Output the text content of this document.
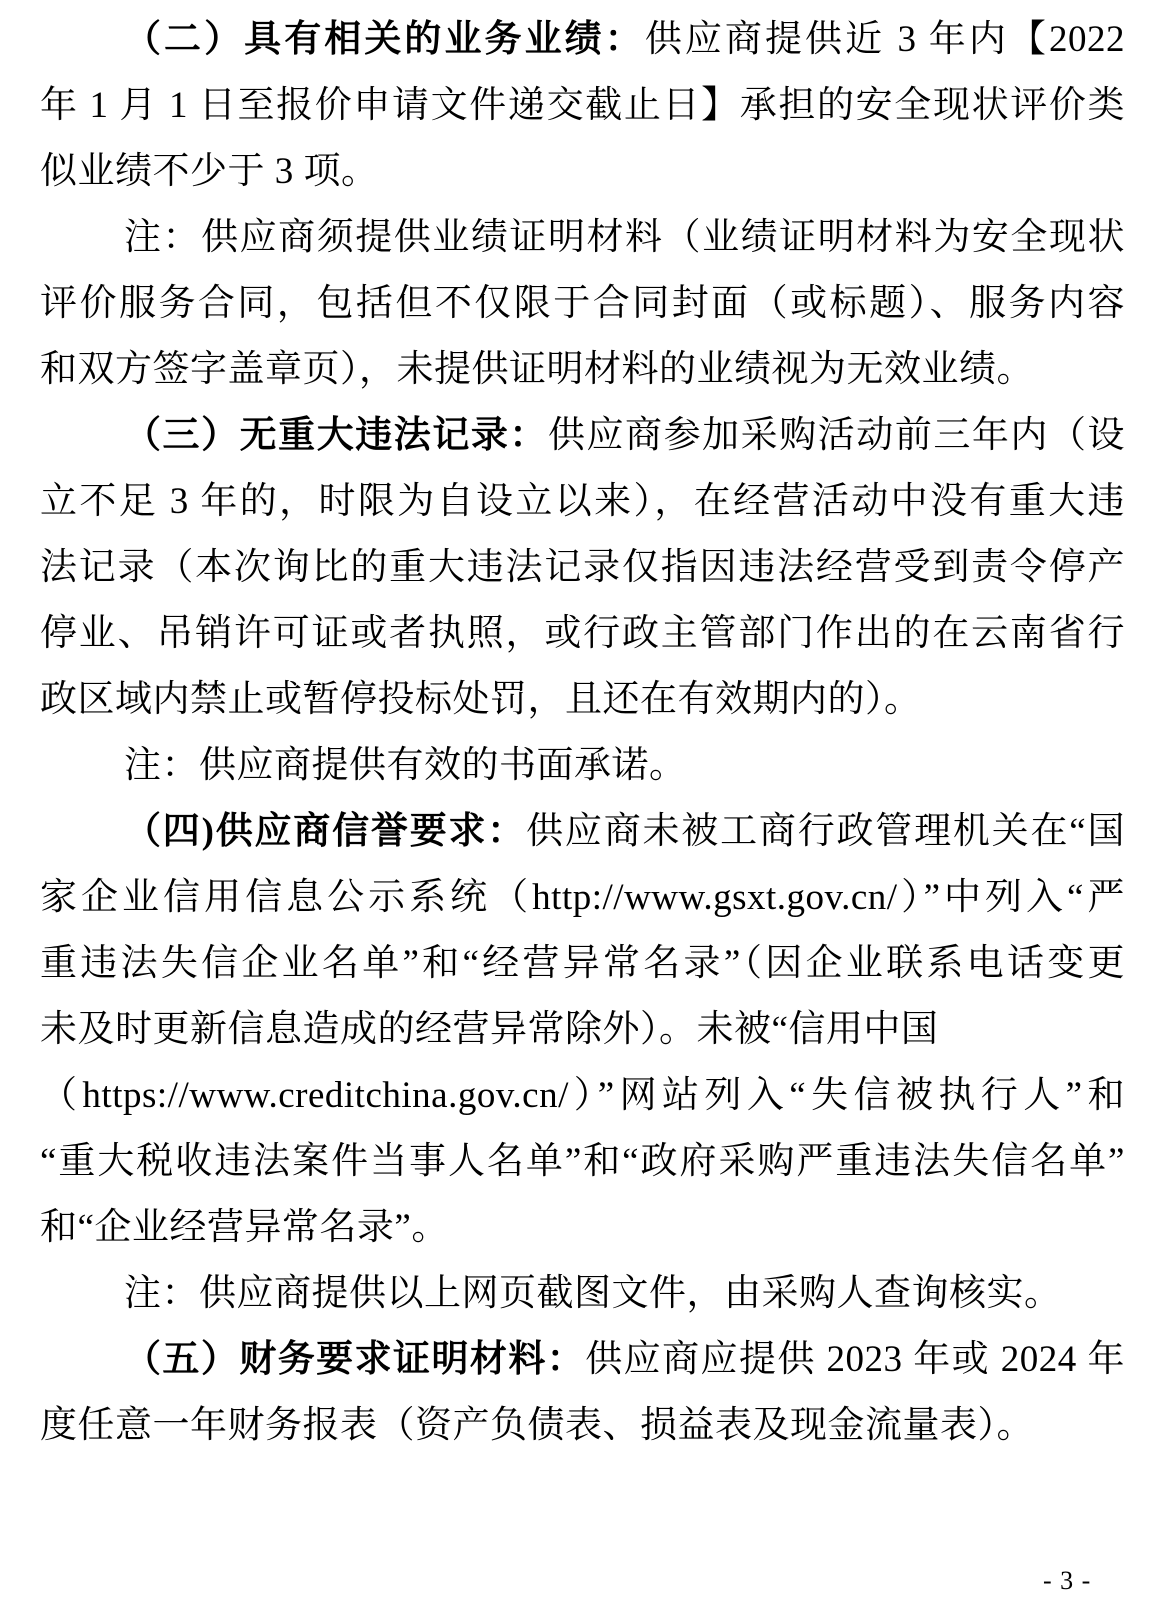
（二）具有相关的业务业绩：供应商提供近 3 年内【2022
年 1 月 1 日至报价申请文件递交截止日】承担的安全现状评价类
似业绩不少于 3 项。
注：供应商须提供业绩证明材料（业绩证明材料为安全现状
评价服务合同，包括但不仅限于合同封面（或标题）、服务内容
和双方签字盖章页），未提供证明材料的业绩视为无效业绩。
（三）无重大违法记录：供应商参加采购活动前三年内（设
立不足 3 年的，时限为自设立以来），在经营活动中没有重大违
法记录（本次询比的重大违法记录仅指因违法经营受到责令停产
停业、吊销许可证或者执照，或行政主管部门作出的在云南省行
政区域内禁止或暂停投标处罚，且还在有效期内的）。
注：供应商提供有效的书面承诺。
（四)供应商信誉要求：供应商未被工商行政管理机关在“国
家企业信用信息公示系统（http://www.gsxt.gov.cn/）”中列入“严
重违法失信企业名单”和“经营异常名录”（因企业联系电话变更
未及时更新信息造成的经营异常除外）。未被“信用中国
（https://www.creditchina.gov.cn/）”网站列入“失信被执行人”和
“重大税收违法案件当事人名单”和“政府采购严重违法失信名单”
和“企业经营异常名录”。
注：供应商提供以上网页截图文件，由采购人查询核实。
（五）财务要求证明材料：供应商应提供 2023 年或 2024 年
度任意一年财务报表（资产负债表、损益表及现金流量表）。
- 3 -
